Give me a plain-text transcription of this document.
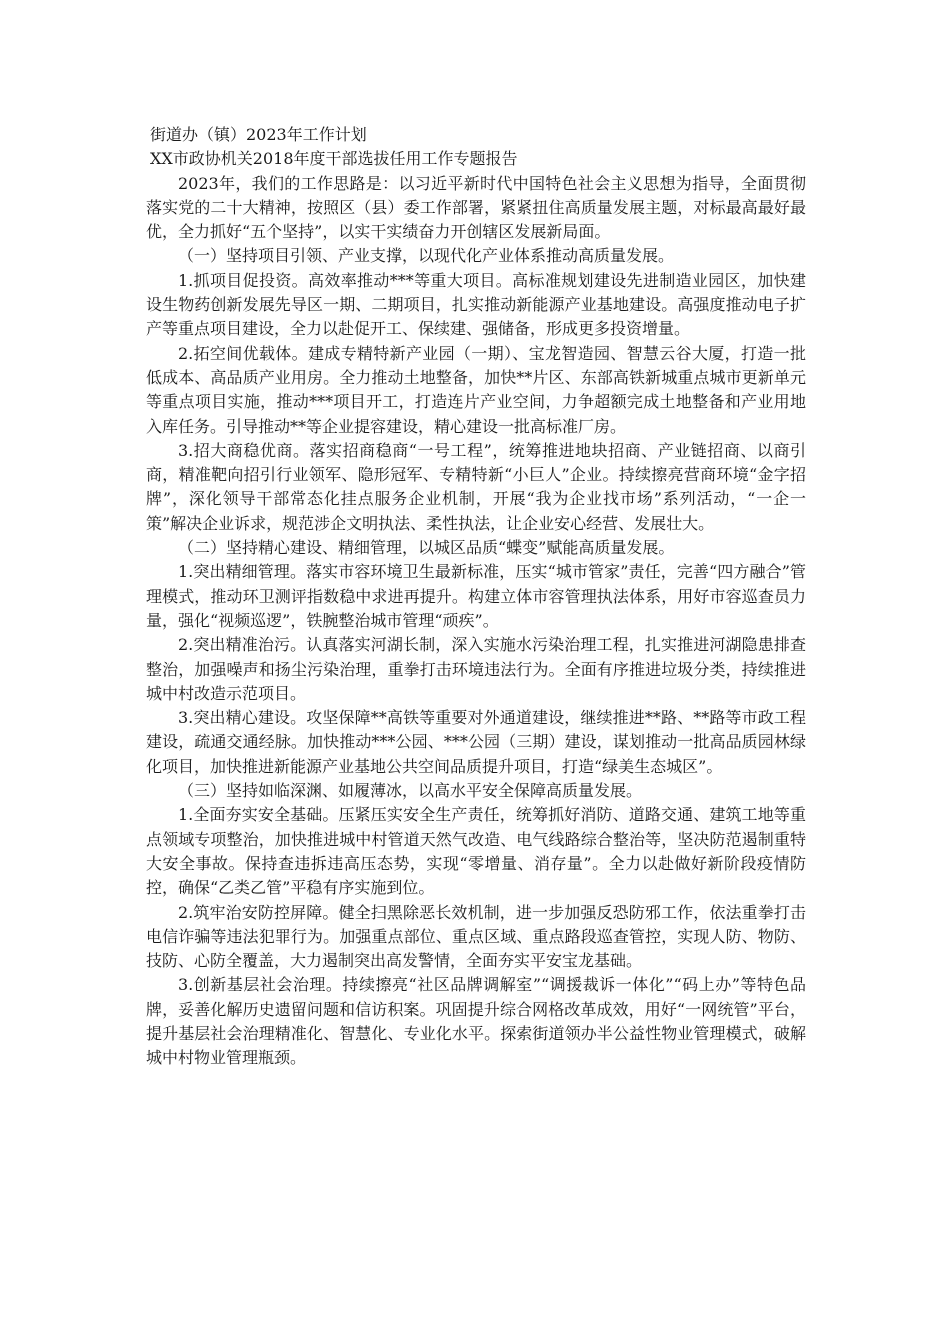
街道办（镇）2023年工作计划

XX市政协机关2018年度干部选拔任用工作专题报告

2023年，我们的工作思路是：以习近平新时代中国特色社会主义思想为指导，全面贯彻落实党的二十大精神，按照区（县）委工作部署，紧紧扭住高质量发展主题，对标最高最好最优，全力抓好“五个坚持”，以实干实绩奋力开创辖区发展新局面。

（一）坚持项目引领、产业支撑，以现代化产业体系推动高质量发展。

1.抓项目促投资。高效率推动***等重大项目。高标准规划建设先进制造业园区，加快建设生物药创新发展先导区一期、二期项目，扎实推动新能源产业基地建设。高强度推动电子扩产等重点项目建设，全力以赴促开工、保续建、强储备，形成更多投资增量。

2.拓空间优载体。建成专精特新产业园（一期）、宝龙智造园、智慧云谷大厦，打造一批低成本、高品质产业用房。全力推动土地整备，加快**片区、东部高铁新城重点城市更新单元等重点项目实施，推动***项目开工，打造连片产业空间，力争超额完成土地整备和产业用地入库任务。引导推动**等企业提容建设，精心建设一批高标准厂房。

3.招大商稳优商。落实招商稳商“一号工程”，统筹推进地块招商、产业链招商、以商引商，精准靶向招引行业领军、隐形冠军、专精特新“小巨人”企业。持续擦亮营商环境“金字招牌”，深化领导干部常态化挂点服务企业机制，开展“我为企业找市场”系列活动，“一企一策”解决企业诉求，规范涉企文明执法、柔性执法，让企业安心经营、发展壮大。

（二）坚持精心建设、精细管理，以城区品质“蝶变”赋能高质量发展。

1.突出精细管理。落实市容环境卫生最新标准，压实“城市管家”责任，完善“四方融合”管理模式，推动环卫测评指数稳中求进再提升。构建立体市容管理执法体系，用好市容巡查员力量，强化“视频巡逻”，铁腕整治城市管理“顽疾”。

2.突出精准治污。认真落实河湖长制，深入实施水污染治理工程，扎实推进河湖隐患排查整治，加强噪声和扬尘污染治理，重拳打击环境违法行为。全面有序推进垃圾分类，持续推进城中村改造示范项目。

3.突出精心建设。攻坚保障**高铁等重要对外通道建设，继续推进**路、**路等市政工程建设，疏通交通经脉。加快推动***公园、***公园（三期）建设，谋划推动一批高品质园林绿化项目，加快推进新能源产业基地公共空间品质提升项目，打造“绿美生态城区”。

（三）坚持如临深渊、如履薄冰，以高水平安全保障高质量发展。

1.全面夯实安全基础。压紧压实安全生产责任，统筹抓好消防、道路交通、建筑工地等重点领域专项整治，加快推进城中村管道天然气改造、电气线路综合整治等，坚决防范遏制重特大安全事故。保持查违拆违高压态势，实现“零增量、消存量”。全力以赴做好新阶段疫情防控，确保“乙类乙管”平稳有序实施到位。

2.筑牢治安防控屏障。健全扫黑除恶长效机制，进一步加强反恐防邪工作，依法重拳打击电信诈骗等违法犯罪行为。加强重点部位、重点区域、重点路段巡查管控，实现人防、物防、技防、心防全覆盖，大力遏制突出高发警情，全面夯实平安宝龙基础。

3.创新基层社会治理。持续擦亮“社区品牌调解室”“调援裁诉一体化”“码上办”等特色品牌，妥善化解历史遗留问题和信访积案。巩固提升综合网格改革成效，用好“一网统管”平台，提升基层社会治理精准化、智慧化、专业化水平。探索街道领办半公益性物业管理模式，破解城中村物业管理瓶颈。
